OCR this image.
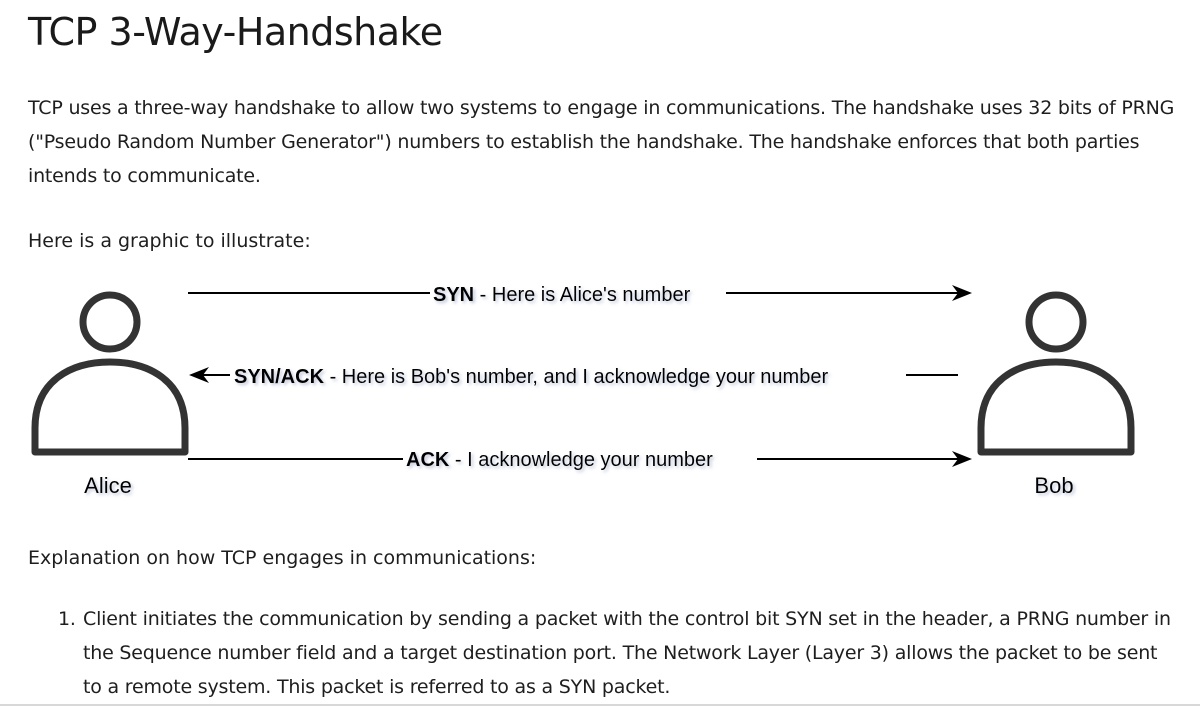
TCP 3-Way-Handshake

TCP uses a three-way handshake to allow two systems to engage in communications. The handshake uses 32 bits of PRNG ("Pseudo Random Number Generator") numbers to establish the handshake. The handshake enforces that both parties intends to communicate.

Here is a graphic to illustrate:

SYN - Here is Alice's number
SYN/ACK - Here is Bob's number, and I acknowledge your number
ACK - I acknowledge your number
Alice	Bob

Explanation on how TCP engages in communications:

1. Client initiates the communication by sending a packet with the control bit SYN set in the header, a PRNG number in the Sequence number field and a target destination port. The Network Layer (Layer 3) allows the packet to be sent to a remote system. This packet is referred to as a SYN packet.
